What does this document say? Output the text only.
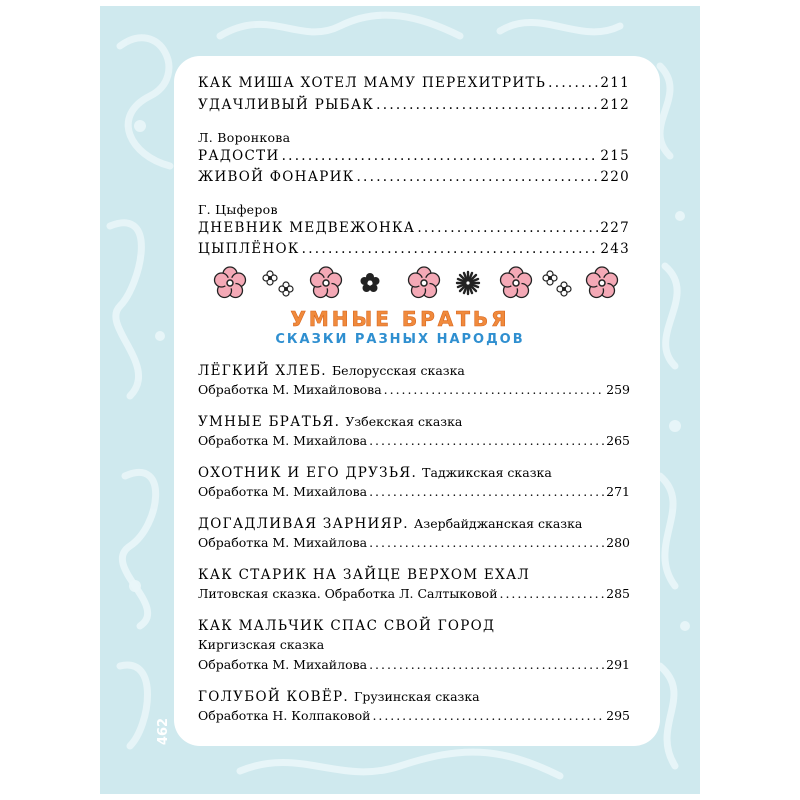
КАК МИША ХОТЕЛ МАМУ ПЕРЕХИТРИТЬ . . .	211
УДАЧЛИВЫЙ РЫБАК . . .	212
Л. Воронкова
РАДОСТИ . . .	215
ЖИВОЙ ФОНАРИК . . .	220
Г. Цыферов
ДНЕВНИК МЕДВЕЖОНКА . . .	227
ЦЫПЛЁНОК . . .	243
УМНЫЕ БРАТЬЯ
СКАЗКИ РАЗНЫХ НАРОДОВ
ЛЁГКИЙ ХЛЕБ. Белорусская сказка
Обработка М. Михайловова . . .	259
УМНЫЕ БРАТЬЯ. Узбекская сказка
Обработка М. Михайлова . . .	265
ОХОТНИК И ЕГО ДРУЗЬЯ. Таджикская сказка
Обработка М. Михайлова . . .	271
ДОГАДЛИВАЯ ЗАРНИЯР. Азербайджанская сказка
Обработка М. Михайлова . . .	280
КАК СТАРИК НА ЗАЙЦЕ ВЕРХОМ ЕХАЛ
Литовская сказка. Обработка Л. Салтыковой . . .	285
КАК МАЛЬЧИК СПАС СВОЙ ГОРОД
Киргизская сказка
Обработка М. Михайлова . . .	291
ГОЛУБОЙ КОВЁР. Грузинская сказка
Обработка Н. Колпаковой . . .	295
462
